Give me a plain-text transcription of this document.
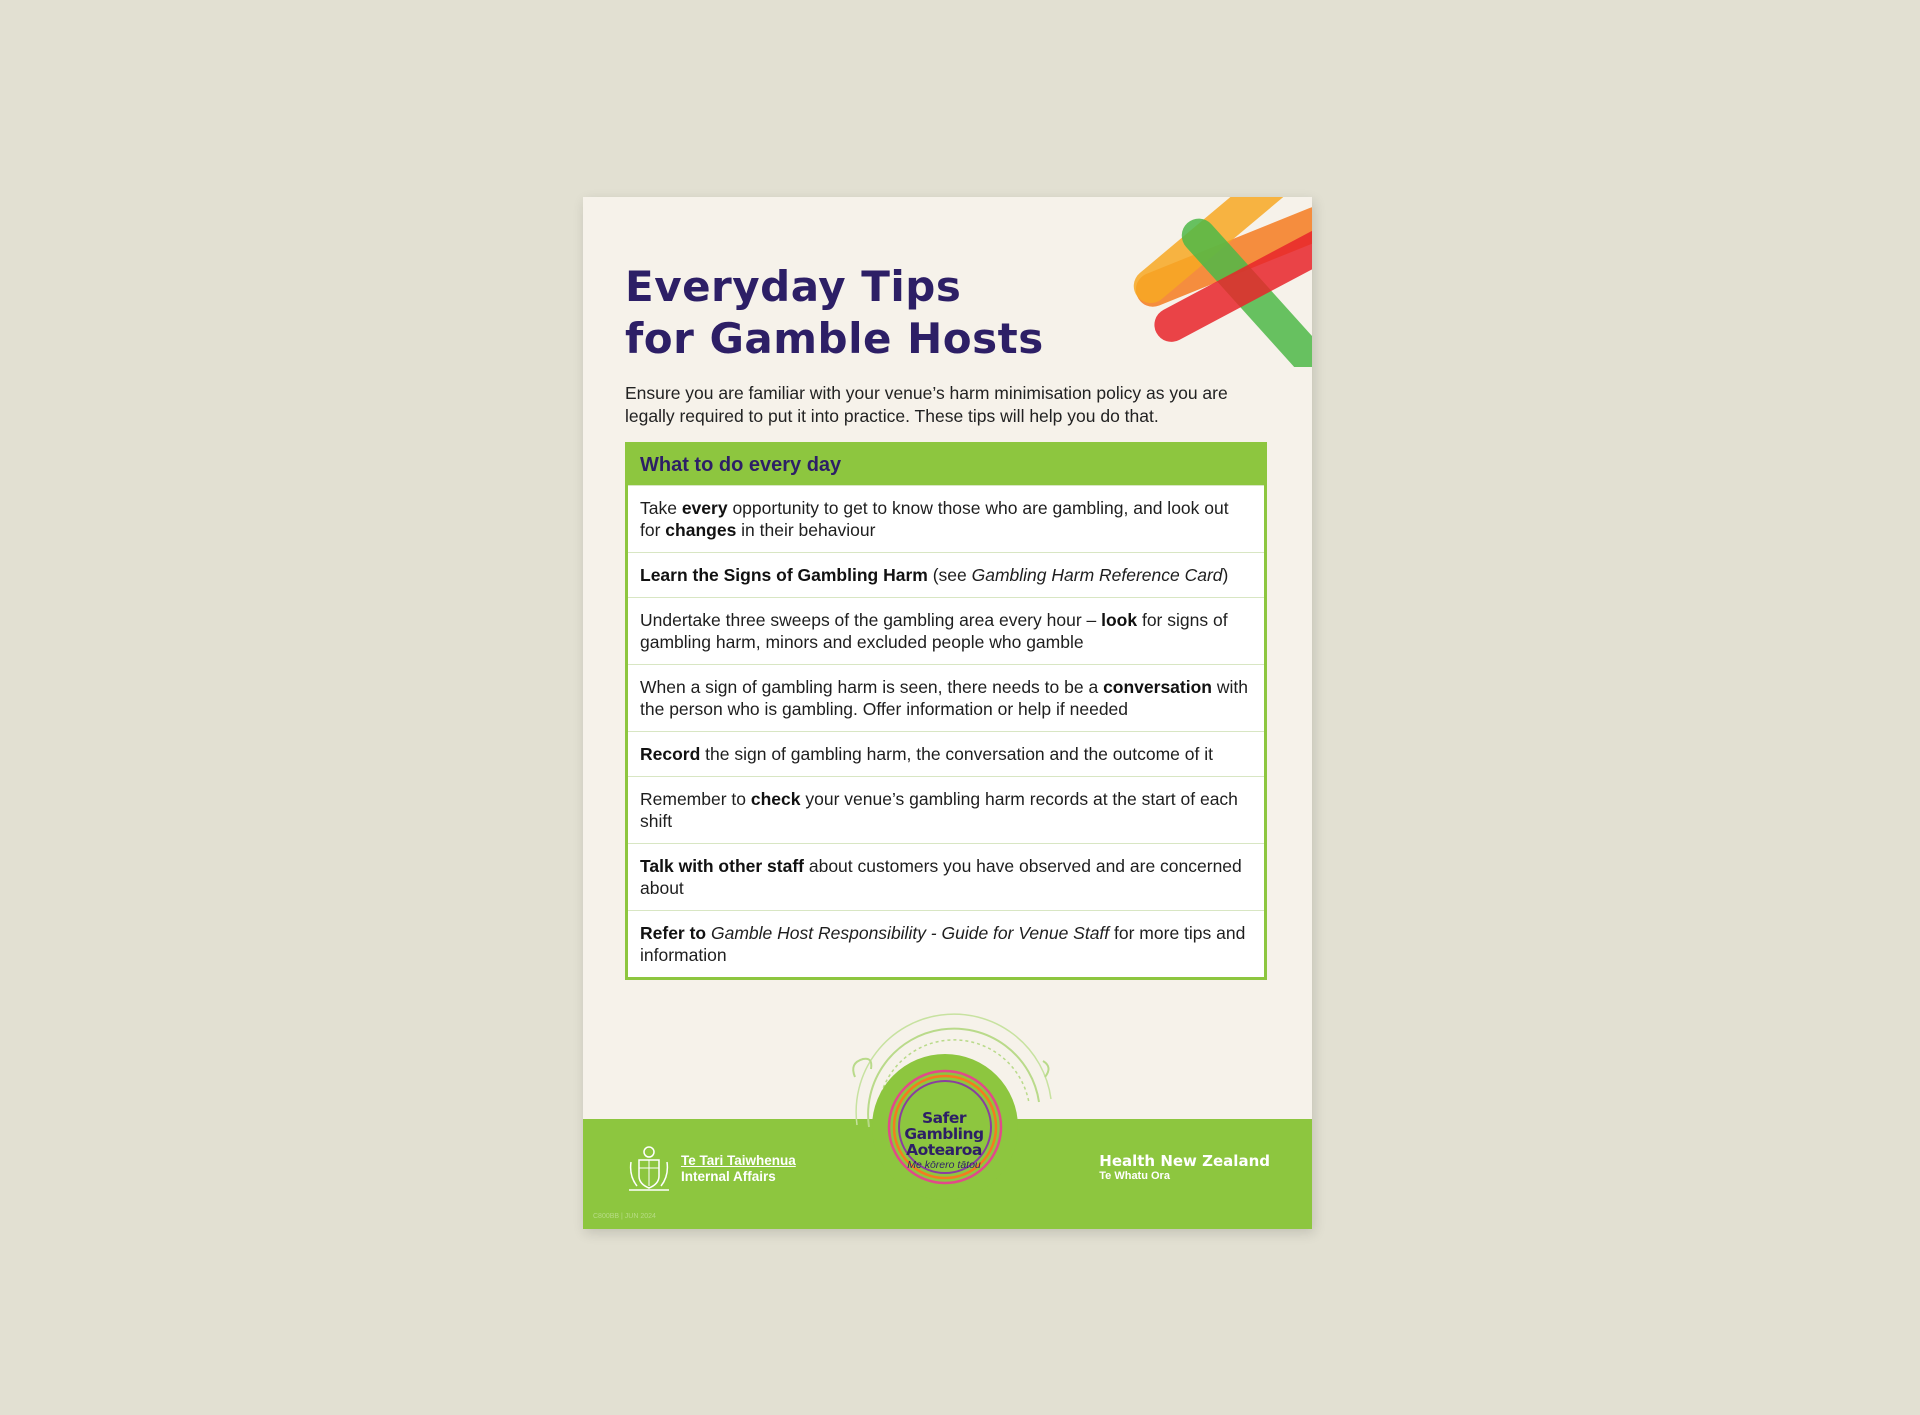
Everyday Tips
for Gamble Hosts
Ensure you are familiar with your venue’s harm minimisation policy as you are legally required to put it into practice. These tips will help you do that.
What to do every day
Take every opportunity to get to know those who are gambling, and look out for changes in their behaviour
Learn the Signs of Gambling Harm (see Gambling Harm Reference Card)
Undertake three sweeps of the gambling area every hour – look for signs of gambling harm, minors and excluded people who gamble
When a sign of gambling harm is seen, there needs to be a conversation with the person who is gambling. Offer information or help if needed
Record the sign of gambling harm, the conversation and the outcome of it
Remember to check your venue’s gambling harm records at the start of each shift
Talk with other staff about customers you have observed and are concerned about
Refer to Gamble Host Responsibility - Guide for Venue Staff for more tips and information
Te Tari Taiwhenua
Internal Affairs
Health New Zealand
Te Whatu Ora
C800BB | JUN 2024
Safer
Gambling
Aotearoa
Me kōrero tātou
